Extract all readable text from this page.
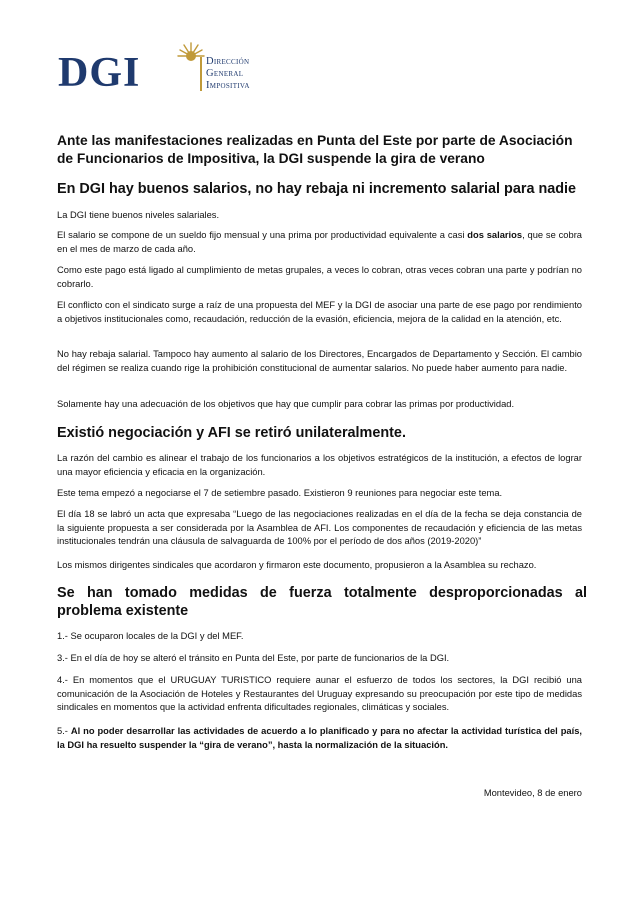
DGI	Dirección
General
Impositiva
Ante las manifestaciones realizadas en Punta del Este por parte de Asociación de Funcionarios de Impositiva, la DGI suspende la gira de verano
En DGI hay buenos salarios, no hay rebaja ni incremento salarial para nadie

La DGI tiene buenos niveles salariales.

El salario se compone de un sueldo fijo mensual y una prima por productividad equivalente a casi dos salarios, que se cobra en el mes de marzo de cada año.

Como este pago está ligado al cumplimiento de metas grupales, a veces lo cobran, otras veces cobran una parte y podrían no cobrarlo.

El conflicto con el sindicato surge a raíz de una propuesta del MEF y la DGI de asociar una parte de ese pago por rendimiento a objetivos institucionales como, recaudación, reducción de la evasión, eficiencia, mejora de la calidad en la atención, etc.

No hay rebaja salarial. Tampoco hay aumento al salario de los Directores, Encargados de Departamento y Sección. El cambio del régimen se realiza cuando rige la prohibición constitucional de aumentar salarios. No puede haber aumento para nadie.

Solamente hay una adecuación de los objetivos que hay que cumplir para cobrar las primas por productividad.

Existió negociación y AFI se retiró unilateralmente.

La razón del cambio es alinear el trabajo de los funcionarios a los objetivos estratégicos de la institución, a efectos de lograr una mayor eficiencia y eficacia en la organización.

Este tema empezó a negociarse el 7 de setiembre pasado. Existieron 9 reuniones para negociar este tema.

El día 18 se labró un acta que expresaba “Luego de las negociaciones realizadas en el día de la fecha se deja constancia de la siguiente propuesta a ser considerada por la Asamblea de AFI. Los componentes de recaudación y eficiencia de las metas institucionales tendrán una cláusula de salvaguarda de 100% por el período de dos años (2019-2020)”

Los mismos dirigentes sindicales que acordaron y firmaron este documento, propusieron a la Asamblea su rechazo.

Se han tomado medidas de fuerza totalmente desproporcionadas al problema existente

1.- Se ocuparon locales de la DGI y del MEF.

3.- En el día de hoy se alteró el tránsito en Punta del Este, por parte de funcionarios de la DGI.

4.- En momentos que el URUGUAY TURISTICO requiere aunar el esfuerzo de todos los sectores, la DGI recibió una comunicación de la Asociación de Hoteles y Restaurantes del Uruguay expresando su preocupación por este tipo de medidas sindicales en momentos que la actividad enfrenta dificultades regionales, climáticas y sociales.

5.- Al no poder desarrollar las actividades de acuerdo a lo planificado y para no afectar la actividad turística del país, la DGI ha resuelto suspender la “gira de verano”, hasta la normalización de la situación.

Montevideo, 8 de enero
